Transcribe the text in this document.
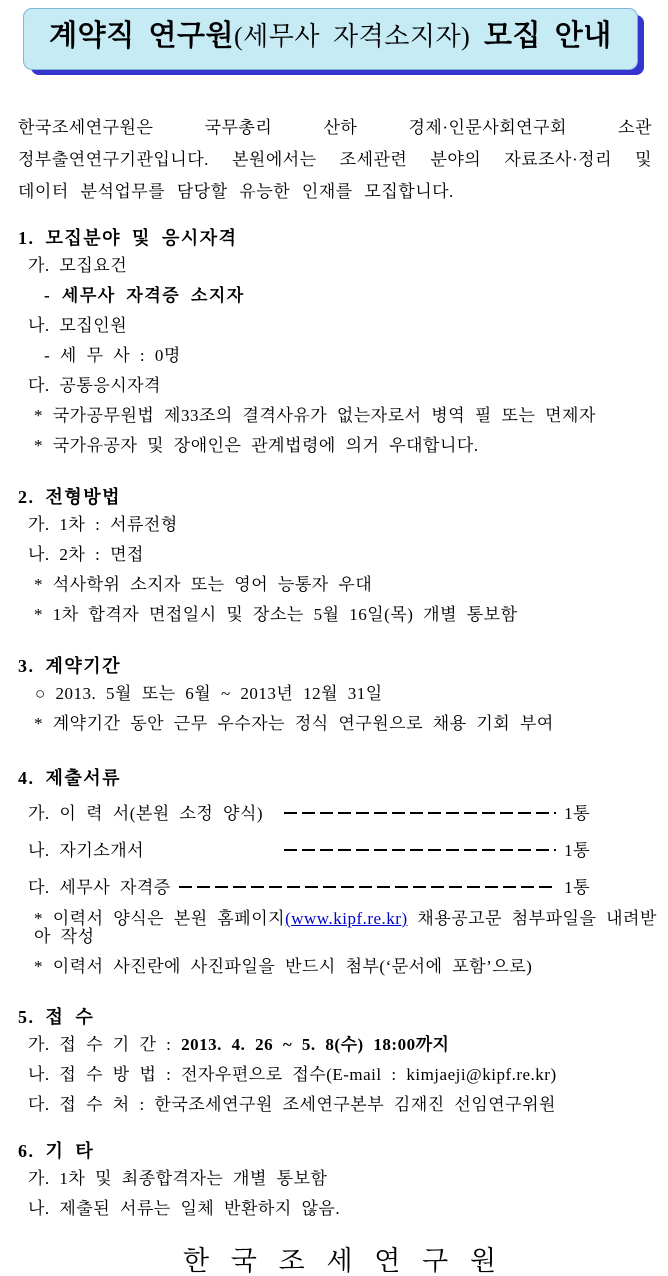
계약직 연구원(세무사 자격소지자) 모집 안내

한국조세연구원은 국무총리 산하 경제·인문사회연구회 소관 정부출연연구기관입니다. 본원에서는 조세관련 분야의 자료조사·정리 및 데이터 분석업무를 담당할 유능한 인재를 모집합니다.

1. 모집분야 및 응시자격
가. 모집요건
- 세무사 자격증 소지자
나. 모집인원
- 세 무 사 : 0명
다. 공통응시자격
* 국가공무원법 제33조의 결격사유가 없는자로서 병역 필 또는 면제자
* 국가유공자 및 장애인은 관계법령에 의거 우대합니다.
2. 전형방법
가. 1차 : 서류전형
나. 2차 : 면접
* 석사학위 소지자 또는 영어 능통자 우대
* 1차 합격자 면접일시 및 장소는 5월 16일(목) 개별 통보함
3. 계약기간
○ 2013. 5월 또는 6월 ~ 2013년 12월 31일
* 계약기간 동안 근무 우수자는 정식 연구원으로 채용 기회 부여
4. 제출서류
가. 이 력 서(본원 소정 양식)	1통
나. 자기소개서	1통
다. 세무사 자격증	1통
* 이력서 양식은 본원 홈페이지(www.kipf.re.kr) 채용공고문 첨부파일을 내려받아 작성
* 이력서 사진란에 사진파일을 반드시 첨부(‘문서에 포함’으로)
5. 접 수
가. 접 수 기 간 : 2013. 4. 26 ~ 5. 8(수) 18:00까지
나. 접 수 방 법 : 전자우편으로 접수(E-mail : kimjaeji@kipf.re.kr)
다. 접 수 처 : 한국조세연구원 조세연구본부 김재진 선임연구위원
6. 기 타
가. 1차 및 최종합격자는 개별 통보함
나. 제출된 서류는 일체 반환하지 않음.
한 국 조 세 연 구 원
